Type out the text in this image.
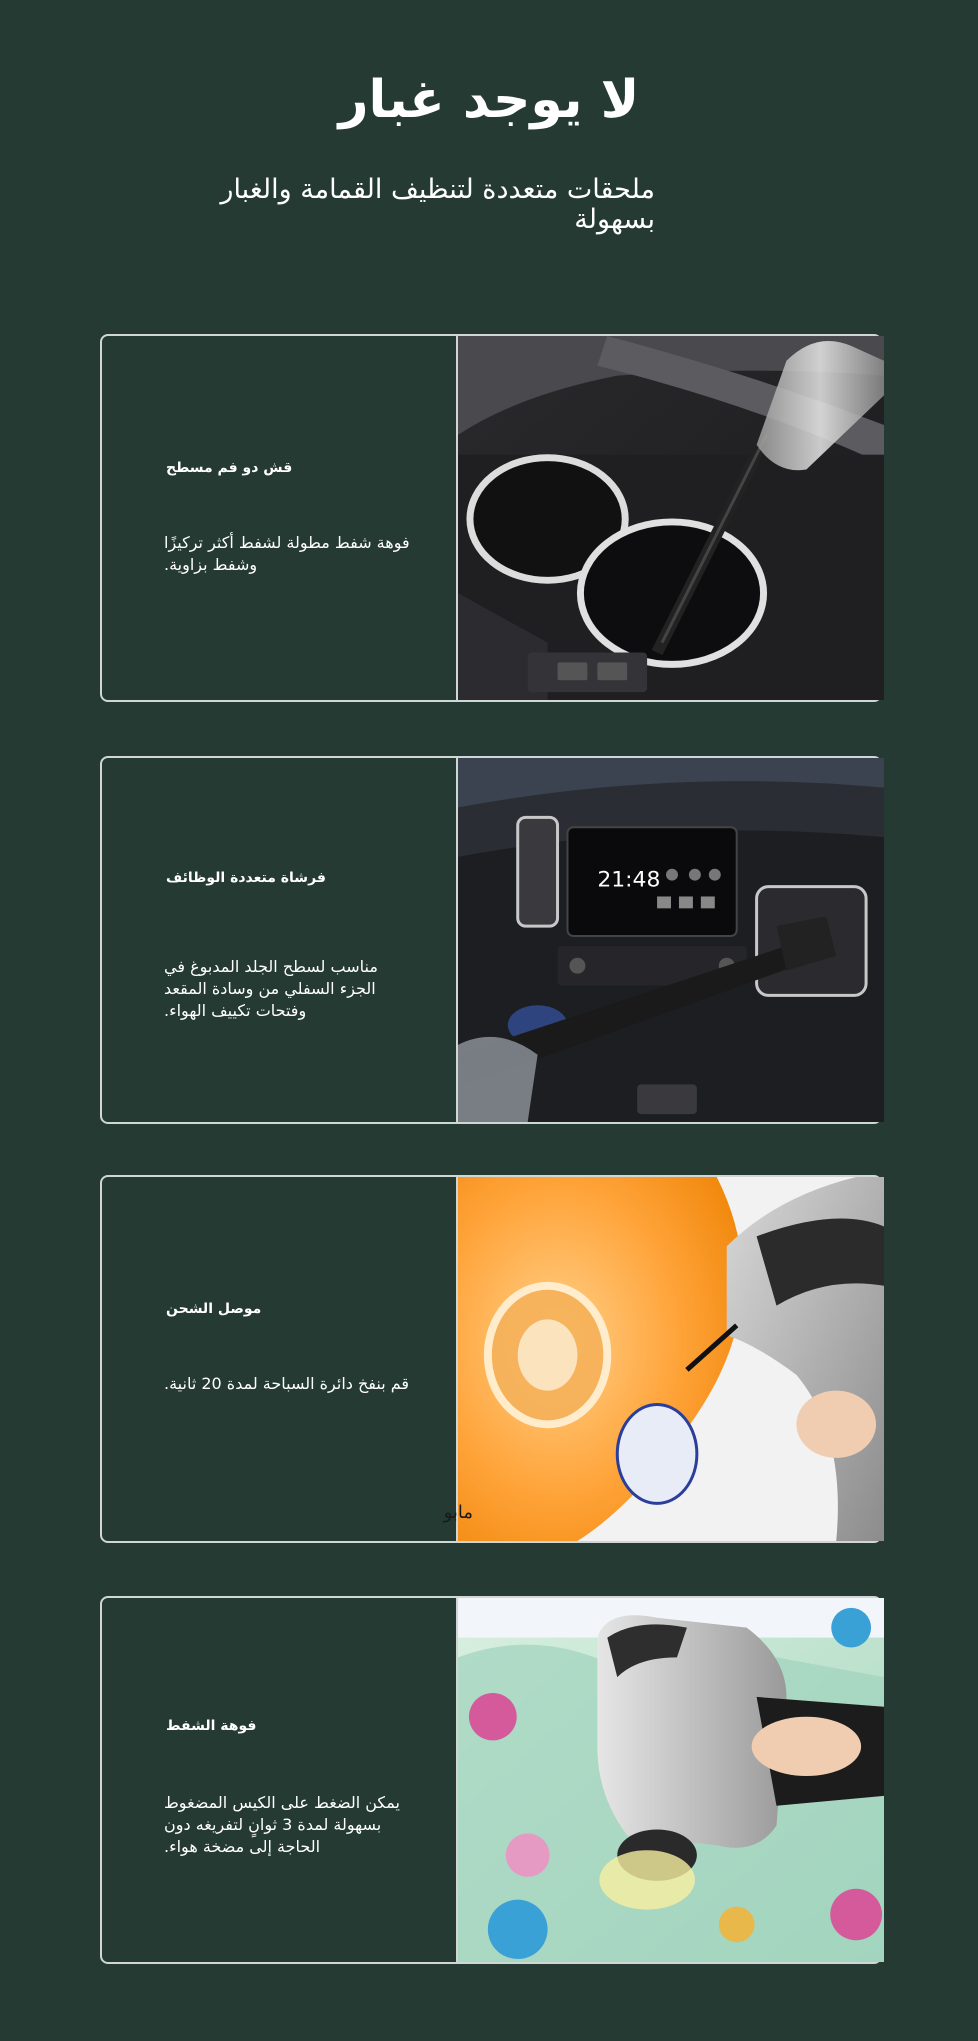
لا يوجد غبار
ملحقات متعددة لتنظيف القمامة والغبار بسهولة
قش دو فم مسطح
فوهة شفط مطولة لشفط أكثر تركيزًا وشفط بزاوية.
فرشاة متعددة الوظائف
مناسب لسطح الجلد المدبوغ في الجزء السفلي من وسادة المقعد وفتحات تكييف الهواء.
21:48
موصل الشحن
قم بنفخ دائرة السباحة لمدة 20 ثانية.
مابو
فوهة الشفط
يمكن الضغط على الكيس المضغوط بسهولة لمدة 3 ثوانٍ لتفريغه دون الحاجة إلى مضخة هواء.
